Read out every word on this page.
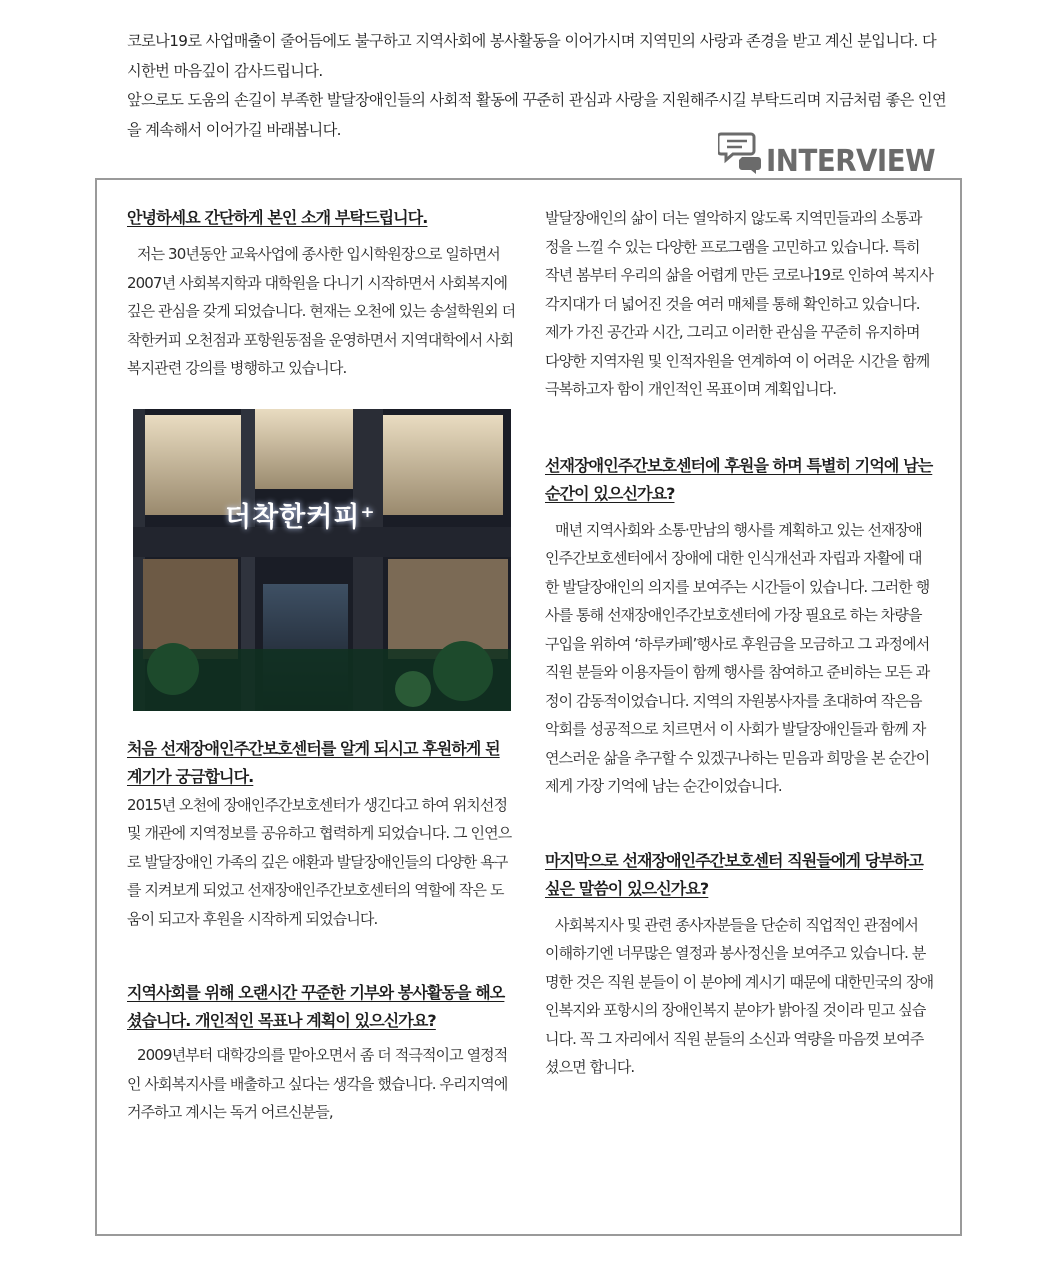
코로나19로 사업매출이 줄어듬에도 불구하고 지역사회에 봉사활동을 이어가시며 지역민의 사랑과 존경을 받고 계신 분입니다. 다시한번 마음깊이 감사드립니다.

앞으로도 도움의 손길이 부족한 발달장애인들의 사회적 활동에 꾸준히 관심과 사랑을 지원해주시길 부탁드리며 지금처럼 좋은 인연을 계속해서 이어가길 바래봅니다.

INTERVIEW

안녕하세요 간단하게 본인 소개 부탁드립니다.

저는 30년동안 교육사업에 종사한 입시학원장으로 일하면서 2007년 사회복지학과 대학원을 다니기 시작하면서 사회복지에 깊은 관심을 갖게 되었습니다. 현재는 오천에 있는 송설학원외 더착한커피 오천점과 포항원동점을 운영하면서 지역대학에서 사회복지관련 강의를 병행하고 있습니다.

더착한커피⁺

처음 선재장애인주간보호센터를 알게 되시고 후원하게 된 계기가 궁금합니다.

2015년 오천에 장애인주간보호센터가 생긴다고 하여 위치선정 및 개관에 지역정보를 공유하고 협력하게 되었습니다. 그 인연으로 발달장애인 가족의 깊은 애환과 발달장애인들의 다양한 욕구를 지켜보게 되었고 선재장애인주간보호센터의 역할에 작은 도움이 되고자 후원을 시작하게 되었습니다.

지역사회를 위해 오랜시간 꾸준한 기부와 봉사활동을 해오셨습니다. 개인적인 목표나 계획이 있으신가요?

2009년부터 대학강의를 맡아오면서 좀 더 적극적이고 열정적인 사회복지사를 배출하고 싶다는 생각을 했습니다. 우리지역에 거주하고 계시는 독거 어르신분들,

발달장애인의 삶이 더는 열악하지 않도록 지역민들과의 소통과 정을 느낄 수 있는 다양한 프로그램을 고민하고 있습니다. 특히 작년 봄부터 우리의 삶을 어렵게 만든 코로나19로 인하여 복지사각지대가 더 넓어진 것을 여러 매체를 통해 확인하고 있습니다. 제가 가진 공간과 시간, 그리고 이러한 관심을 꾸준히 유지하며 다양한 지역자원 및 인적자원을 연계하여 이 어려운 시간을 함께 극복하고자 함이 개인적인 목표이며 계획입니다.

선재장애인주간보호센터에 후원을 하며 특별히 기억에 남는 순간이 있으신가요?

매년 지역사회와 소통·만남의 행사를 계획하고 있는 선재장애인주간보호센터에서 장애에 대한 인식개선과 자립과 자활에 대한 발달장애인의 의지를 보여주는 시간들이 있습니다. 그러한 행사를 통해 선재장애인주간보호센터에 가장 필요로 하는 차량을 구입을 위하여 ‘하루카페’행사로 후원금을 모금하고 그 과정에서 직원 분들와 이용자들이 함께 행사를 참여하고 준비하는 모든 과정이 감동적이었습니다. 지역의 자원봉사자를 초대하여 작은음악회를 성공적으로 치르면서 이 사회가 발달장애인들과 함께 자연스러운 삶을 추구할 수 있겠구나하는 믿음과 희망을 본 순간이 제게 가장 기억에 남는 순간이었습니다.

마지막으로 선재장애인주간보호센터 직원들에게 당부하고 싶은 말씀이 있으신가요?

사회복지사 및 관련 종사자분들을 단순히 직업적인 관점에서 이해하기엔 너무많은 열정과 봉사정신을 보여주고 있습니다. 분명한 것은 직원 분들이 이 분야에 계시기 때문에 대한민국의 장애인복지와 포항시의 장애인복지 분야가 밝아질 것이라 믿고 싶습니다. 꼭 그 자리에서 직원 분들의 소신과 역량을 마음껏 보여주셨으면 합니다.
